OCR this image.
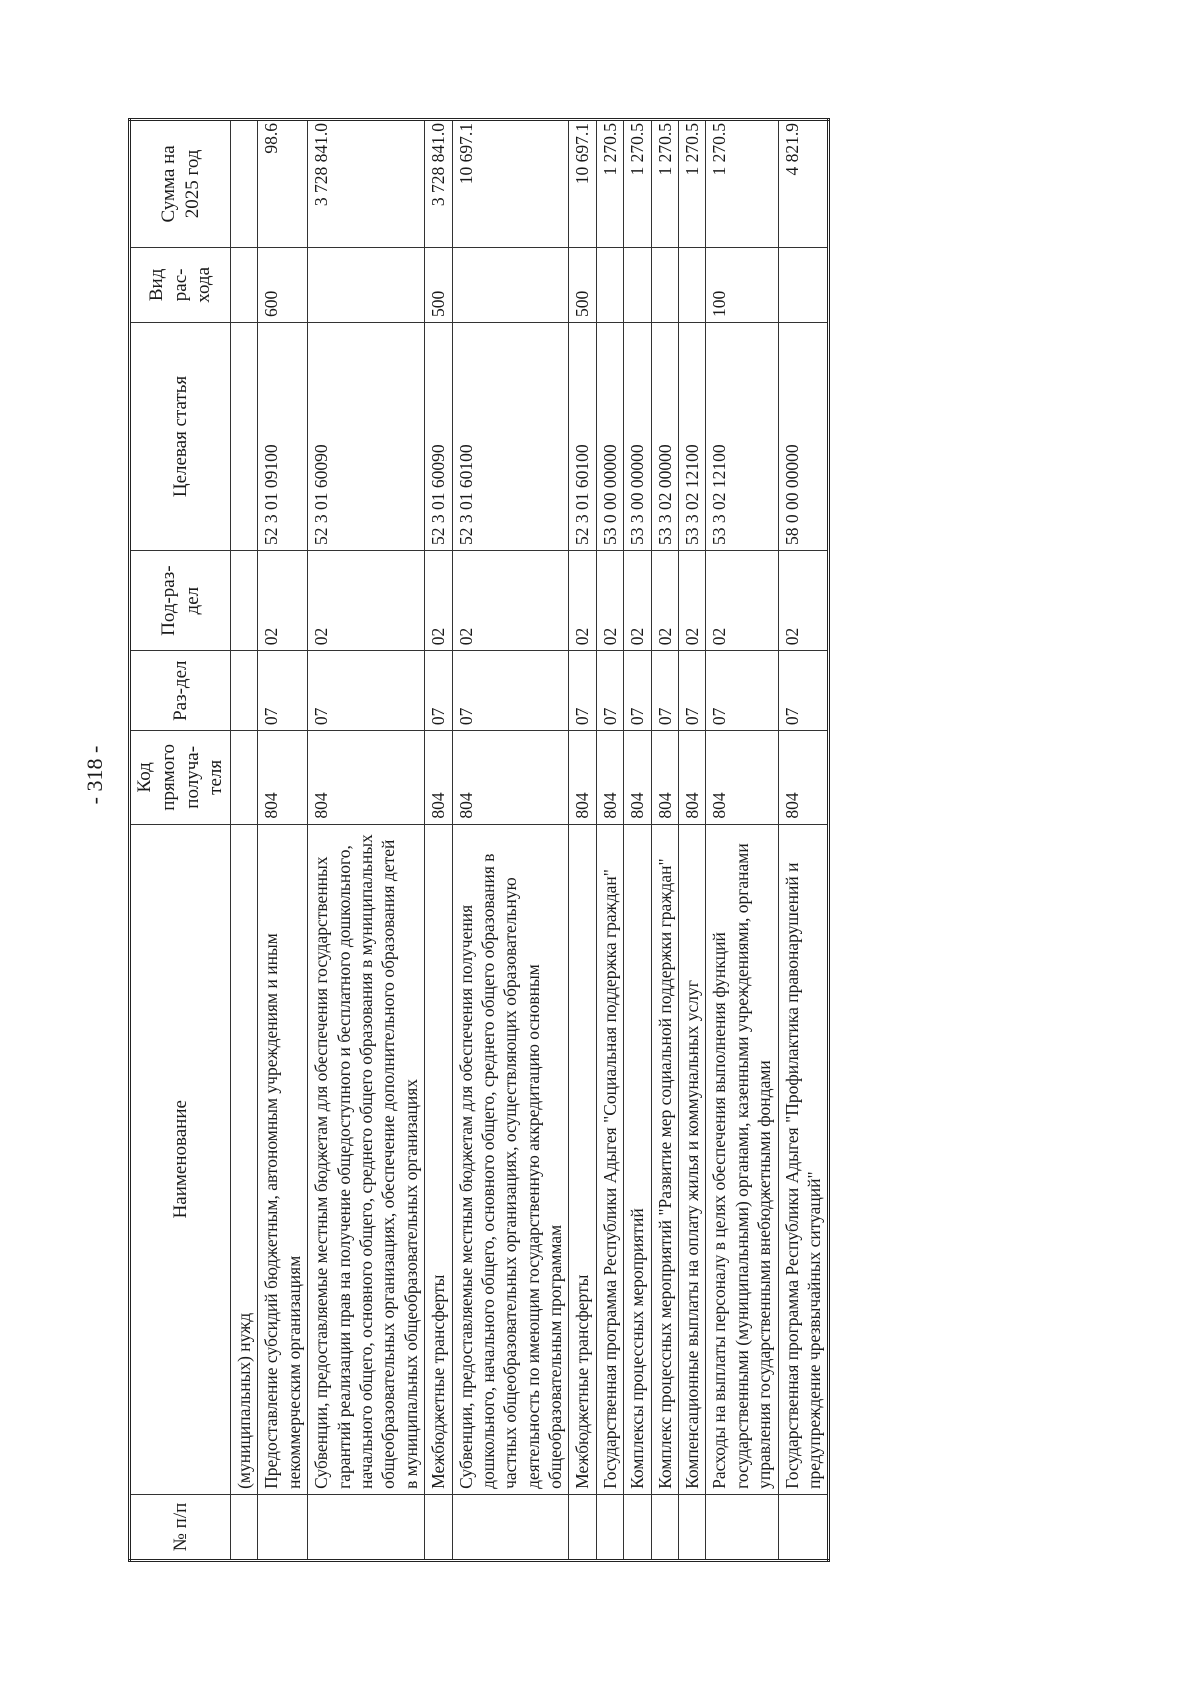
- 318 -
№ п/п	Наименование	Код прямого получа-теля	Раз-дел	Под-раз-дел	Целевая статья	Вид рас-хода	Сумма на 2025 год
	(муниципальных) нужд						
	Предоставление субсидий бюджетным, автономным учреждениям и иным некоммерческим организациям	804	07	02	52 3 01 09100	600	98.6
	Субвенции, предоставляемые местным бюджетам для обеспечения государственных гарантий реализации прав на получение общедоступного и бесплатного дошкольного, начального общего, основного общего, среднего общего образования в муниципальных общеобразовательных организациях, обеспечение дополнительного образования детей в муниципальных общеобразовательных организациях	804	07	02	52 3 01 60090		3 728 841.0
	Межбюджетные трансферты	804	07	02	52 3 01 60090	500	3 728 841.0
	Субвенции, предоставляемые местным бюджетам для обеспечения получения дошкольного, начального общего, основного общего, среднего общего образования в частных общеобразовательных организациях, осуществляющих образовательную деятельность по имеющим государственную аккредитацию основным общеобразовательным программам	804	07	02	52 3 01 60100		10 697.1
	Межбюджетные трансферты	804	07	02	52 3 01 60100	500	10 697.1
	Государственная программа Республики Адыгея "Социальная поддержка граждан"	804	07	02	53 0 00 00000		1 270.5
	Комплексы процессных мероприятий	804	07	02	53 3 00 00000		1 270.5
	Комплекс процессных мероприятий "Развитие мер социальной поддержки граждан"	804	07	02	53 3 02 00000		1 270.5
	Компенсационные выплаты на оплату жилья и коммунальных услуг	804	07	02	53 3 02 12100		1 270.5
	Расходы на выплаты персоналу в целях обеспечения выполнения функций государственными (муниципальными) органами, казенными учреждениями, органами управления государственными внебюджетными фондами	804	07	02	53 3 02 12100	100	1 270.5
	Государственная программа Республики Адыгея "Профилактика правонарушений и предупреждение чрезвычайных ситуаций"	804	07	02	58 0 00 00000		4 821.9
